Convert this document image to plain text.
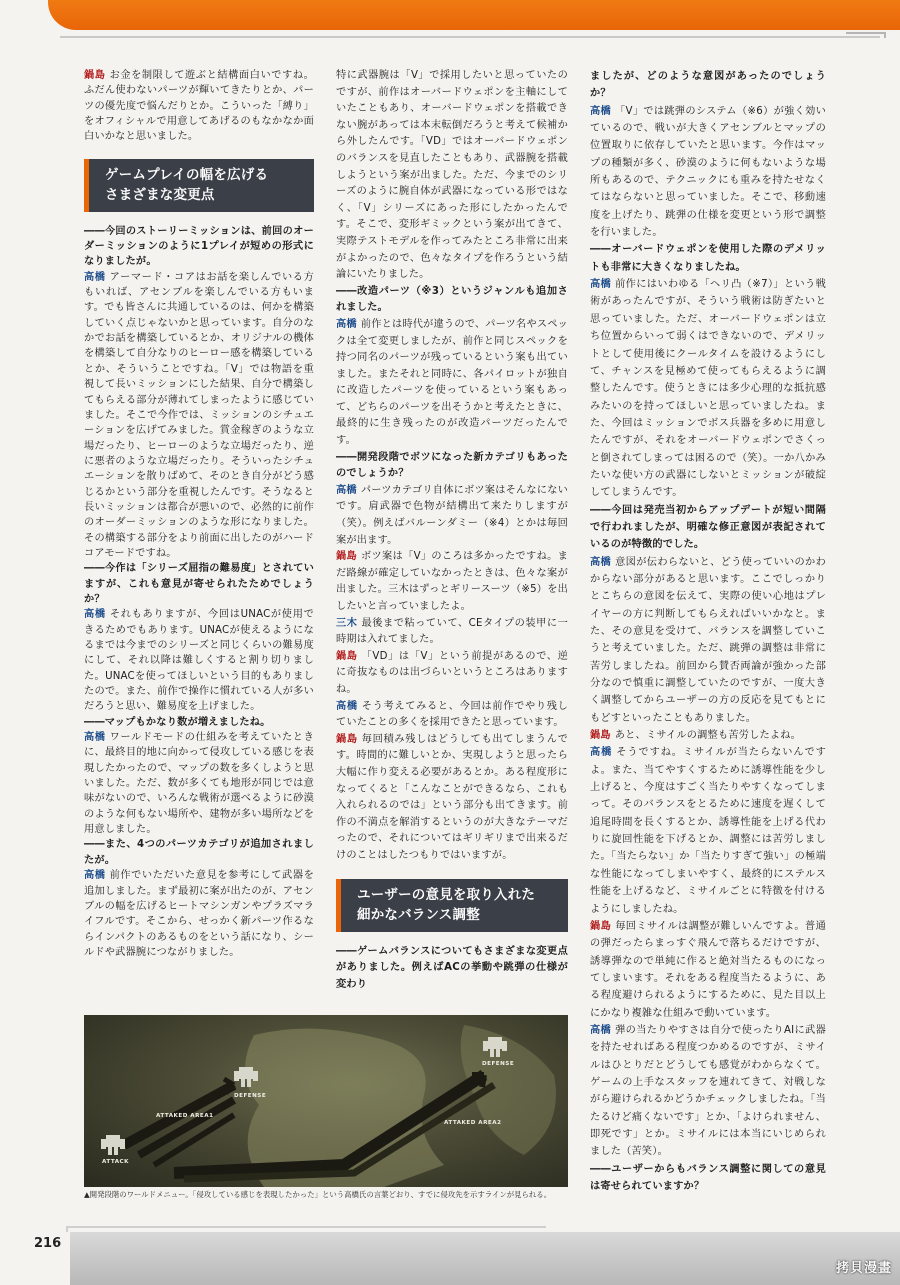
鍋島 お金を制限して遊ぶと結構面白いですね。ふだん使わないパーツが輝いてきたりとか、パーツの優先度で悩んだりとか。こういった「縛り」をオフィシャルで用意してあげるのもなかなか面白いかなと思いました。

ゲームプレイの幅を広げる
さまざまな変更点

――今回のストーリーミッションは、前回のオーダーミッションのように1プレイが短めの形式になりましたが。

高橋 アーマード・コアはお話を楽しんでいる方もいれば、アセンブルを楽しんでいる方もいます。でも皆さんに共通しているのは、何かを構築していく点じゃないかと思っています。自分のなかでお話を構築しているとか、オリジナルの機体を構築して自分なりのヒーロー感を構築しているとか、そういうことですね。「V」では物語を重視して長いミッションにした結果、自分で構築してもらえる部分が薄れてしまったように感じていました。そこで今作では、ミッションのシチュエーションを広げてみました。賞金稼ぎのような立場だったり、ヒーローのような立場だったり、逆に悪者のような立場だったり。そういったシチュエーションを散りばめて、そのとき自分がどう感じるかという部分を重視したんです。そうなると長いミッションは都合が悪いので、必然的に前作のオーダーミッションのような形になりました。その構築する部分をより前面に出したのがハードコアモードですね。

――今作は「シリーズ屈指の難易度」とされていますが、これも意見が寄せられたためでしょうか？

高橋 それもありますが、今回はUNACが使用できるためでもあります。UNACが使えるようになるまでは今までのシリーズと同じくらいの難易度にして、それ以降は難しくすると割り切りました。UNACを使ってほしいという目的もありましたので。また、前作で操作に慣れている人が多いだろうと思い、難易度を上げました。

――マップもかなり数が増えましたね。

高橋 ワールドモードの仕組みを考えていたときに、最終目的地に向かって侵攻している感じを表現したかったので、マップの数を多くしようと思いました。ただ、数が多くても地形が同じでは意味がないので、いろんな戦術が選べるように砂漠のような何もない場所や、建物が多い場所などを用意しました。

――また、4つのパーツカテゴリが追加されましたが。

高橋 前作でいただいた意見を参考にして武器を追加しました。まず最初に案が出たのが、アセンブルの幅を広げるヒートマシンガンやプラズマライフルです。そこから、せっかく新パーツ作るならインパクトのあるものをという話になり、シールドや武器腕につながりました。

特に武器腕は「V」で採用したいと思っていたのですが、前作はオーバードウェポンを主軸にしていたこともあり、オーバードウェポンを搭載できない腕があっては本末転倒だろうと考えて候補から外したんです。「VD」ではオーバードウェポンのバランスを見直したこともあり、武器腕を搭載しようという案が出ました。ただ、今までのシリーズのように腕自体が武器になっている形ではなく、「V」シリーズにあった形にしたかったんです。そこで、変形ギミックという案が出てきて、実際テストモデルを作ってみたところ非常に出来がよかったので、色々なタイプを作ろうという結論にいたりました。

――改造パーツ（※3）というジャンルも追加されました。

高橋 前作とは時代が違うので、パーツ名やスペックは全て変更しましたが、前作と同じスペックを持つ同名のパーツが残っているという案も出ていました。またそれと同時に、各パイロットが独自に改造したパーツを使っているという案もあって、どちらのパーツを出そうかと考えたときに、最終的に生き残ったのが改造パーツだったんです。

――開発段階でボツになった新カテゴリもあったのでしょうか？

高橋 パーツカテゴリ自体にボツ案はそんなにないです。肩武器で色物が結構出て来たりしますが（笑）。例えばバルーンダミー（※4）とかは毎回案が出ます。

鍋島 ボツ案は「V」のころは多かったですね。まだ路線が確定していなかったときは、色々な案が出ました。三木はずっとギリースーツ（※5）を出したいと言っていましたよ。

三木 最後まで粘っていて、CEタイプの装甲に一時期は入れてました。

鍋島 「VD」は「V」という前提があるので、逆に奇抜なものは出づらいというところはありますね。

高橋 そう考えてみると、今回は前作でやり残していたことの多くを採用できたと思っています。

鍋島 毎回積み残しはどうしても出てしまうんです。時間的に難しいとか、実現しようと思ったら大幅に作り変える必要があるとか。ある程度形になってくると「こんなことができるなら、これも入れられるのでは」という部分も出てきます。前作の不満点を解消するというのが大きなテーマだったので、それについてはギリギリまで出来るだけのことはしたつもりではいますが。

ユーザーの意見を取り入れた
細かなバランス調整

――ゲームバランスについてもさまざまな変更点がありました。例えばACの挙動や跳弾の仕様が変わり

ましたが、どのような意図があったのでしょうか？

高橋 「V」では跳弾のシステム（※6）が強く効いているので、戦いが大きくアセンブルとマップの位置取りに依存していたと思います。今作はマップの種類が多く、砂漠のように何もないような場所もあるので、テクニックにも重みを持たせなくてはならないと思っていました。そこで、移動速度を上げたり、跳弾の仕様を変更という形で調整を行いました。

――オーバードウェポンを使用した際のデメリットも非常に大きくなりましたね。

高橋 前作にはいわゆる「ヘリ凸（※7）」という戦術があったんですが、そういう戦術は防ぎたいと思っていました。ただ、オーバードウェポンは立ち位置からいって弱くはできないので、デメリットとして使用後にクールタイムを設けるようにして、チャンスを見極めて使ってもらえるように調整したんです。使うときには多少心理的な抵抗感みたいのを持ってほしいと思っていましたね。また、今回はミッションでボス兵器を多めに用意したんですが、それをオーバードウェポンでさくっと倒されてしまっては困るので（笑）。一か八かみたいな使い方の武器にしないとミッションが破綻してしまうんです。

――今回は発売当初からアップデートが短い間隔で行われましたが、明確な修正意図が表記されているのが特徴的でした。

高橋 意図が伝わらないと、どう使っていいのかわからない部分があると思います。ここでしっかりとこちらの意図を伝えて、実際の使い心地はプレイヤーの方に判断してもらえればいいかなと。また、その意見を受けて、バランスを調整していこうと考えていました。ただ、跳弾の調整は非常に苦労しましたね。前回から賛否両論が強かった部分なので慎重に調整していたのですが、一度大きく調整してからユーザーの方の反応を見てもとにもどすといったこともありました。

鍋島 あと、ミサイルの調整も苦労したよね。

高橋 そうですね。ミサイルが当たらないんですよ。また、当てやすくするために誘導性能を少し上げると、今度はすごく当たりやすくなってしまって。そのバランスをとるために速度を遅くして追尾時間を長くするとか、誘導性能を上げる代わりに旋回性能を下げるとか、調整には苦労しました。「当たらない」か「当たりすぎて強い」の極端な性能になってしまいやすく、最終的にステルス性能を上げるなど、ミサイルごとに特徴を付けるようにしましたね。

鍋島 毎回ミサイルは調整が難しいんですよ。普通の弾だったらまっすぐ飛んで落ちるだけですが、誘導弾なので単純に作ると絶対当たるものになってしまいます。それをある程度当たるように、ある程度避けられるようにするために、見た目以上にかなり複雑な仕組みで動いています。

高橋 弾の当たりやすさは自分で使ったりAIに武器を持たせればある程度つかめるのですが、ミサイルはひとりだとどうしても感覚がわからなくて。ゲームの上手なスタッフを連れてきて、対戦しながら避けられるかどうかチェックしましたね。「当たるけど痛くないです」とか、「よけられません、即死です」とか。ミサイルには本当にいじめられました（苦笑）。

――ユーザーからもバランス調整に関しての意見は寄せられていますか？

ATTAKED AREA1
DEFENSE
ATTAKED AREA2
DEFENSE
ATTACK
▲開発段階のワールドメニュー。「侵攻している感じを表現したかった」という高橋氏の言葉どおり、すでに侵攻先を示すラインが見られる。
216
拷貝漫畫
